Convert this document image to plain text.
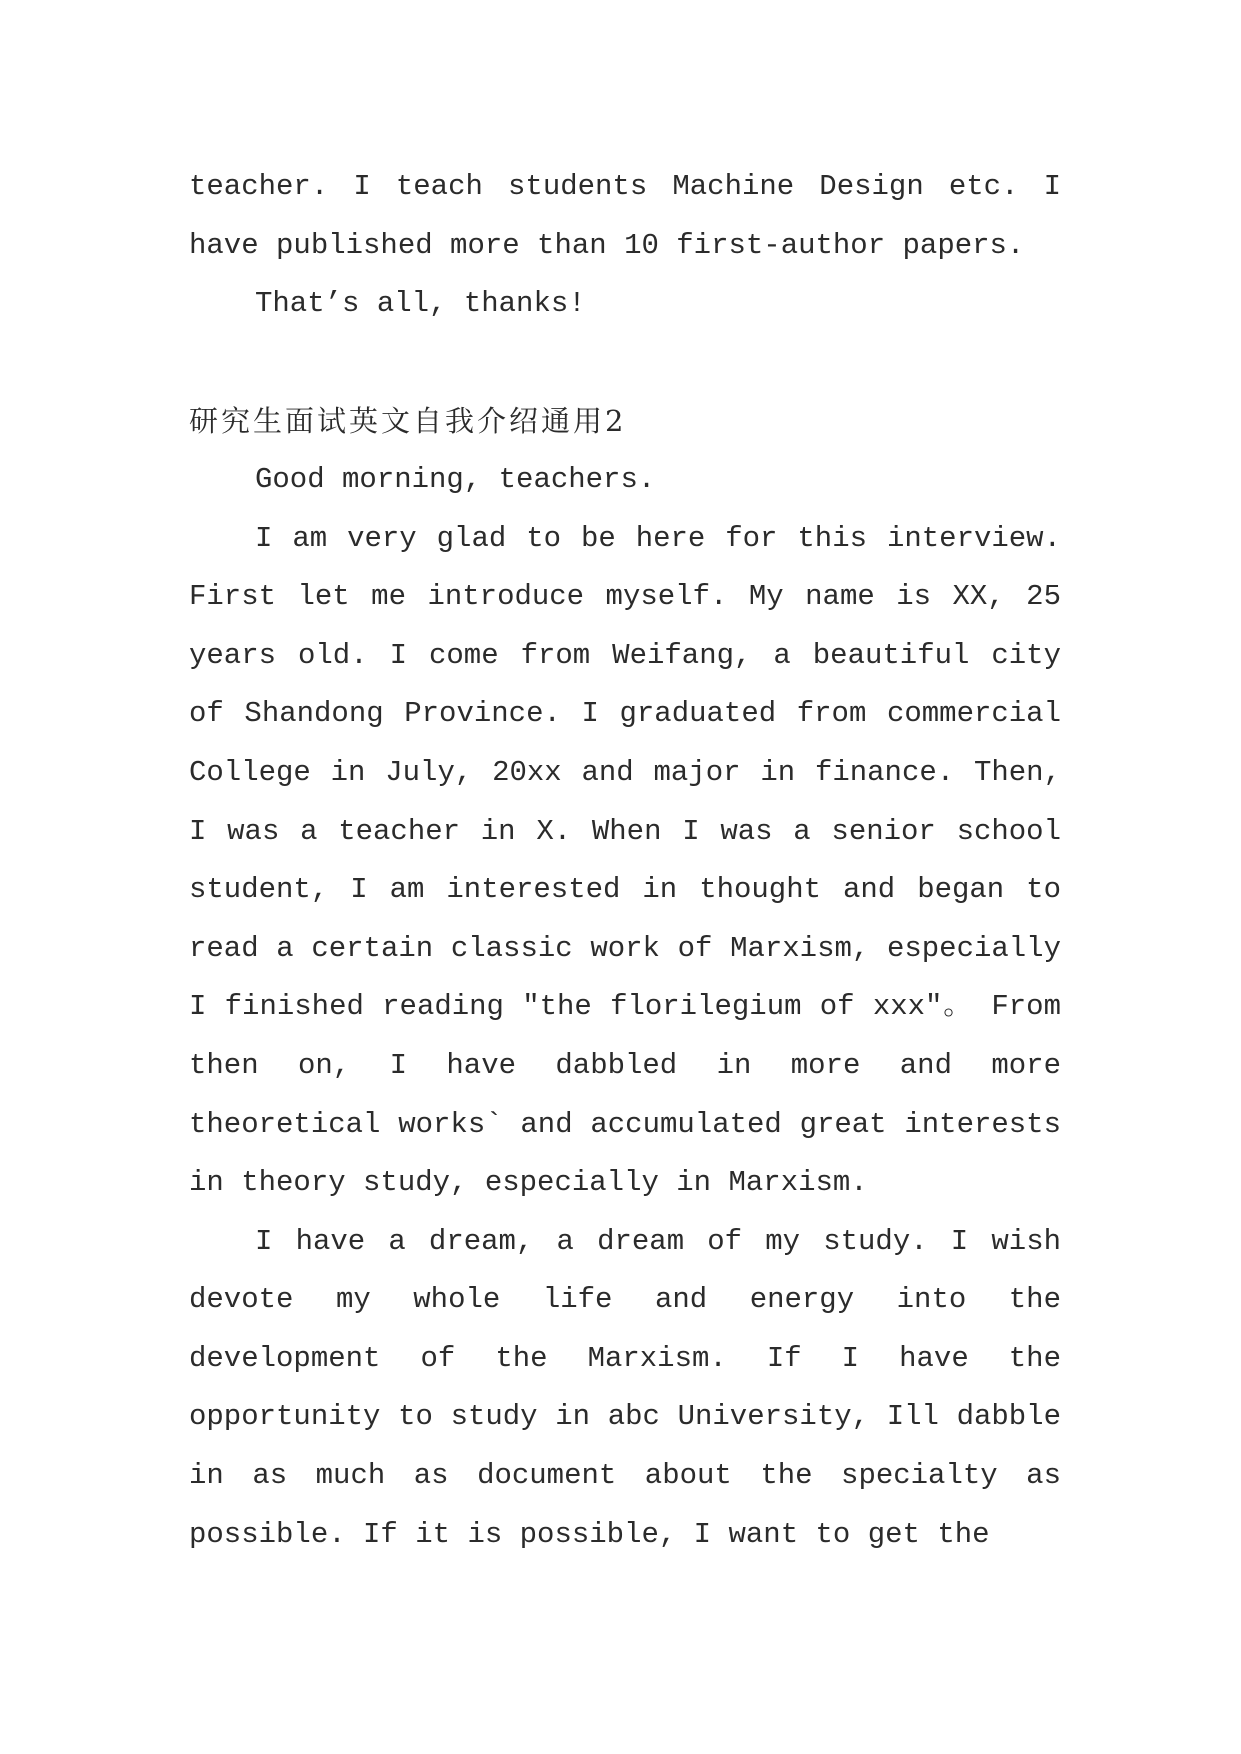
teacher. I teach students Machine Design etc. I have published more than 10 first-author papers.

That’s all, thanks!

研究生面试英文自我介绍通用2

Good morning, teachers.

I am very glad to be here for this interview. First let me introduce myself. My name is XX, 25 years old. I come from Weifang, a beautiful city of Shandong Province. I graduated from commercial College in July, 20xx and major in finance. Then, I was a teacher in X. When I was a senior school student, I am interested in thought and began to read a certain classic work of Marxism, especially I finished reading "the florilegium of xxx"。 From then on, I have dabbled in more and more theoretical works` and accumulated great interests in theory study, especially in Marxism.

I have a dream, a dream of my study. I wish devote my whole life and energy into the development of the Marxism. If I have the opportunity to study in abc University, Ill dabble in as much as document about the specialty as possible. If it is possible, I want to get the
